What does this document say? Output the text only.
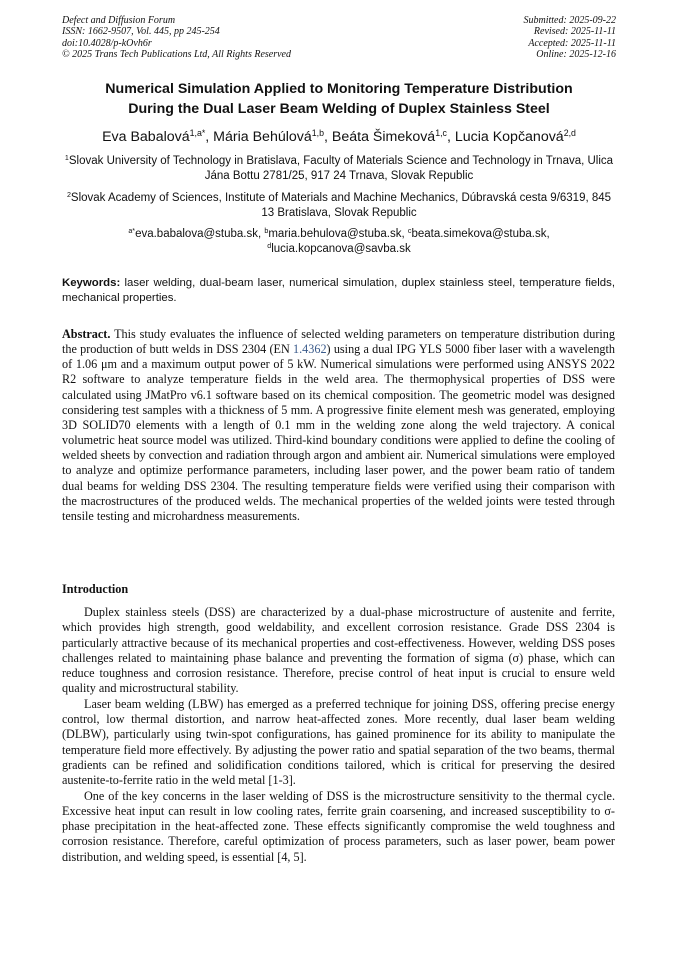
Defect and Diffusion Forum
ISSN: 1662-9507, Vol. 445, pp 245-254
doi:10.4028/p-kOvh6r
© 2025 Trans Tech Publications Ltd, All Rights Reserved
Submitted: 2025-09-22
Revised: 2025-11-11
Accepted: 2025-11-11
Online: 2025-12-16
Numerical Simulation Applied to Monitoring Temperature Distribution
During the Dual Laser Beam Welding of Duplex Stainless Steel
Eva Babalová$^{1,a*}$, Mária Behúlová$^{1,b}$, Beáta Šimeková$^{1,c}$, Lucia Kopčanová$^{2,d}$
$^1$Slovak University of Technology in Bratislava, Faculty of Materials Science and Technology in Trnava, Ulica Jána Bottu 2781/25, 917 24 Trnava, Slovak Republic
$^2$Slovak Academy of Sciences, Institute of Materials and Machine Mechanics, Dúbravská cesta 9/6319, 845 13 Bratislava, Slovak Republic
$^{a*}$eva.babalova@stuba.sk, $^b$maria.behulova@stuba.sk, $^c$beata.simekova@stuba.sk,
$^d$lucia.kopcanova@savba.sk
Keywords: laser welding, dual-beam laser, numerical simulation, duplex stainless steel, temperature fields, mechanical properties.
Abstract. This study evaluates the influence of selected welding parameters on temperature distribution during the production of butt welds in DSS 2304 (EN 1.4362) using a dual IPG YLS 5000 fiber laser with a wavelength of 1.06 μm and a maximum output power of 5 kW. Numerical simulations were performed using ANSYS 2022 R2 software to analyze temperature fields in the weld area. The thermophysical properties of DSS were calculated using JMatPro v6.1 software based on its chemical composition. The geometric model was designed considering test samples with a thickness of 5 mm. A progressive finite element mesh was generated, employing 3D SOLID70 elements with a length of 0.1 mm in the welding zone along the weld trajectory. A conical volumetric heat source model was utilized. Third-kind boundary conditions were applied to define the cooling of welded sheets by convection and radiation through argon and ambient air. Numerical simulations were employed to analyze and optimize performance parameters, including laser power, and the power beam ratio of tandem dual beams for welding DSS 2304. The resulting temperature fields were verified using their comparison with the macrostructures of the produced welds. The mechanical properties of the welded joints were tested through tensile testing and microhardness measurements.
Introduction

Duplex stainless steels (DSS) are characterized by a dual-phase microstructure of austenite and ferrite, which provides high strength, good weldability, and excellent corrosion resistance. Grade DSS 2304 is particularly attractive because of its mechanical properties and cost-effectiveness. However, welding DSS poses challenges related to maintaining phase balance and preventing the formation of sigma (σ) phase, which can reduce toughness and corrosion resistance. Therefore, precise control of heat input is crucial to ensure weld quality and microstructural stability.

Laser beam welding (LBW) has emerged as a preferred technique for joining DSS, offering precise energy control, low thermal distortion, and narrow heat-affected zones. More recently, dual laser beam welding (DLBW), particularly using twin-spot configurations, has gained prominence for its ability to manipulate the temperature field more effectively. By adjusting the power ratio and spatial separation of the two beams, thermal gradients can be refined and solidification conditions tailored, which is critical for preserving the desired austenite-to-ferrite ratio in the weld metal [1-3].

One of the key concerns in the laser welding of DSS is the microstructure sensitivity to the thermal cycle. Excessive heat input can result in low cooling rates, ferrite grain coarsening, and increased susceptibility to σ-phase precipitation in the heat-affected zone. These effects significantly compromise the weld toughness and corrosion resistance. Therefore, careful optimization of process parameters, such as laser power, beam power distribution, and welding speed, is essential [4, 5].
